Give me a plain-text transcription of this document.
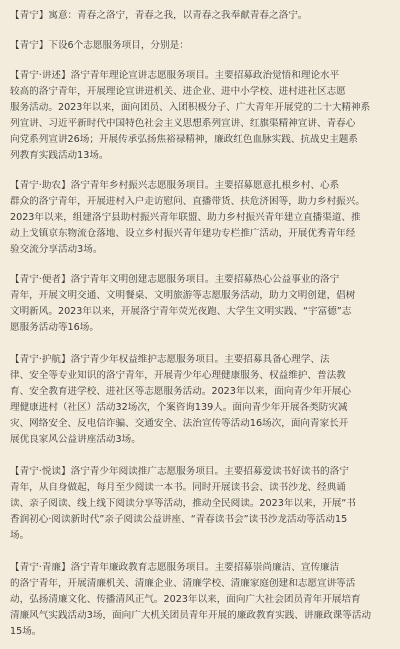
【青宁】寓意：青春之洛宁，青春之我，以青春之我奉献青春之洛宁。
【青宁】下设6个志愿服务项目，分别是：
【青宁·讲述】洛宁青年理论宣讲志愿服务项目。主要招募政治觉悟和理论水平
较高的洛宁青年，开展理论宣讲进机关、进企业、进中小学校、进村进社区志愿
服务活动。2023年以来，面向团员、入团积极分子、广大青年开展党的二十大精神系
列宣讲、习近平新时代中国特色社会主义思想系列宣讲、红旗渠精神宣讲、青春心
向党系列宣讲26场；开展传承弘扬焦裕禄精神，廉政红色血脉实践、抗战史主题系
列教育实践活动13场。
【青宁·助农】洛宁青年乡村振兴志愿服务项目。主要招募愿意扎根乡村、心系
群众的洛宁青年，开展进村入户走访慰问、直播带货、扶危济困等，助力乡村振兴。
2023年以来，组建洛宁县助村振兴青年联盟、助力乡村振兴青年建立直播渠道、推
动上戈镇京东物流仓落地、设立乡村振兴青年建功专栏推广活动，开展优秀青年经
验交流分享活动3场。
【青宁·便者】洛宁青年文明创建志愿服务项目。主要招募热心公益事业的洛宁
青年，开展文明交通、文明餐桌、文明旅游等志愿服务活动，助力文明创建，倡树
文明新风。2023年以来，开展洛宁青年荧光夜跑、大学生文明实践、“宇富德”志
愿服务活动等16场。
【青宁·护航】洛宁青少年权益维护志愿服务项目。主要招募具备心理学、法
律、安全等专业知识的洛宁青年，开展青少年心理健康服务、权益维护、普法教
育、安全教育进学校、进社区等志愿服务活动。2023年以来，面向青少年开展心
理健康进村（社区）活动32场次，个案咨询139人。面向青少年开展各类防灾减
灾、网络安全、反电信诈骗、交通安全、法治宣传等活动16场次，面向青家长开
展优良家风公益讲座活动3场。
【青宁·悦读】洛宁青少年阅读推广志愿服务项目。主要招募爱读书好读书的洛宁
青年，从自身做起，每月至少阅读一本书。同时开展读书会、读书沙龙、经典诵
读、亲子阅读、线上线下阅读分享等活动，推动全民阅读。2023年以来，开展“书
香润初心·阅读新时代”亲子阅读公益讲座、“青春读书会”读书沙龙活动等活动15
场。
【青宁·青廉】洛宁青年廉政教育志愿服务项目。主要招募崇尚廉洁、宣传廉洁
的洛宁青年，开展清廉机关、清廉企业、清廉学校、清廉家庭创建和志愿宣讲等活
动，弘扬清廉文化、传播清风正气。2023年以来，面向广大社会团员青年开展培育
清廉风气实践活动3场，面向广大机关团员青年开展的廉政教育实践、讲廉政课等活动
15场。
